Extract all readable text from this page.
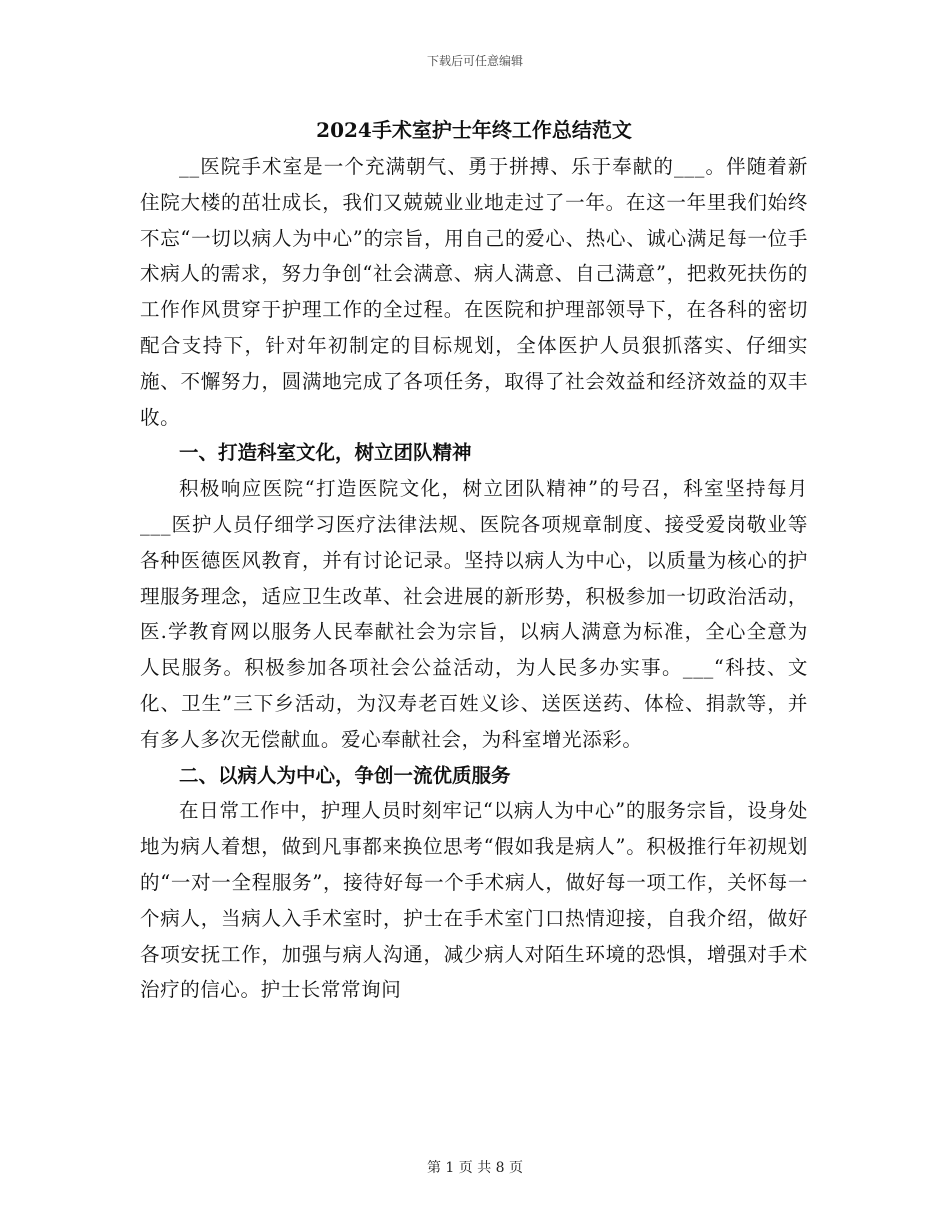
下载后可任意编辑
2024手术室护士年终工作总结范文

__医院手术室是一个充满朝气、勇于拼搏、乐于奉献的___。伴随着新住院大楼的茁壮成长，我们又兢兢业业地走过了一年。在这一年里我们始终不忘“一切以病人为中心”的宗旨，用自己的爱心、热心、诚心满足每一位手术病人的需求，努力争创“社会满意、病人满意、自己满意”，把救死扶伤的工作作风贯穿于护理工作的全过程。在医院和护理部领导下，在各科的密切配合支持下，针对年初制定的目标规划，全体医护人员狠抓落实、仔细实施、不懈努力，圆满地完成了各项任务，取得了社会效益和经济效益的双丰收。

一、打造科室文化，树立团队精神

积极响应医院“打造医院文化，树立团队精神”的号召，科室坚持每月___医护人员仔细学习医疗法律法规、医院各项规章制度、接受爱岗敬业等各种医德医风教育，并有讨论记录。坚持以病人为中心，以质量为核心的护理服务理念，适应卫生改革、社会进展的新形势，积极参加一切政治活动，医.学教育网以服务人民奉献社会为宗旨，以病人满意为标准，全心全意为人民服务。积极参加各项社会公益活动，为人民多办实事。___“科技、文化、卫生”三下乡活动，为汉寿老百姓义诊、送医送药、体检、捐款等，并有多人多次无偿献血。爱心奉献社会，为科室增光添彩。

二、以病人为中心，争创一流优质服务

在日常工作中，护理人员时刻牢记“以病人为中心”的服务宗旨，设身处地为病人着想，做到凡事都来换位思考“假如我是病人”。积极推行年初规划的“一对一全程服务”，接待好每一个手术病人，做好每一项工作，关怀每一个病人，当病人入手术室时，护士在手术室门口热情迎接，自我介绍，做好各项安抚工作，加强与病人沟通，减少病人对陌生环境的恐惧，增强对手术治疗的信心。护士长常常询问

第 1 页 共 8 页
